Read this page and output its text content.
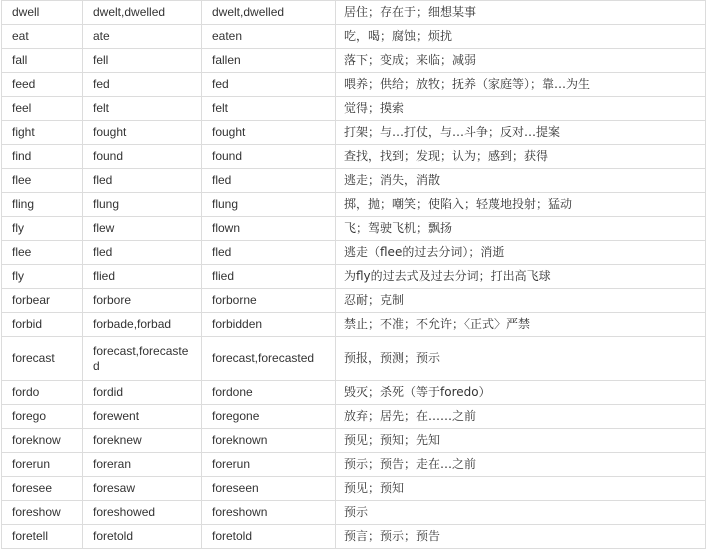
dwell	dwelt,dwelled	dwelt,dwelled	居住；存在于；细想某事
eat	ate	eaten	吃，喝；腐蚀；烦扰
fall	fell	fallen	落下；变成；来临；减弱
feed	fed	fed	喂养；供给；放牧；抚养（家庭等）；靠…为生
feel	felt	felt	觉得；摸索
fight	fought	fought	打架；与…打仗，与…斗争；反对…提案
find	found	found	查找，找到；发现；认为；感到；获得
flee	fled	fled	逃走；消失，消散
fling	flung	flung	掷，抛；嘲笑；使陷入；轻蔑地投射；猛动
fly	flew	flown	飞；驾驶飞机；飘扬
flee	fled	fled	逃走（flee的过去分词）；消逝
fly	flied	flied	为fly的过去式及过去分词；打出高飞球
forbear	forbore	forborne	忍耐；克制
forbid	forbade,forbad	forbidden	禁止；不准；不允许；〈正式〉严禁
forecast	forecast,forecasted	forecast,forecasted	预报，预测；预示
fordo	fordid	fordone	毁灭；杀死（等于foredo）
forego	forewent	foregone	放弃；居先；在……之前
foreknow	foreknew	foreknown	预见；预知；先知
forerun	foreran	forerun	预示；预告；走在…之前
foresee	foresaw	foreseen	预见；预知
foreshow	foreshowed	foreshown	预示
foretell	foretold	foretold	预言；预示；预告
